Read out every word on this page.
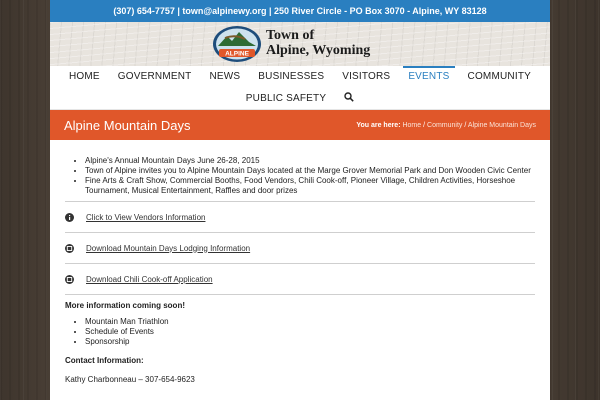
(307) 654-7757 | town@alpinewy.org | 250 River Circle - PO Box 3070 - Alpine, WY 83128
ALPINE
Town of
Alpine, Wyoming
HOME	GOVERNMENT	NEWS	BUSINESSES	VISITORS	EVENTS	COMMUNITY
PUBLIC SAFETY
Alpine Mountain Days	You are here: Home / Community / Alpine Mountain Days
• Alpine's Annual Mountain Days June 26-28, 2015
• Town of Alpine invites you to Alpine Mountain Days located at the Marge Grover Memorial Park and Don Wooden Civic Center
• Fine Arts & Craft Show, Commercial Booths, Food Vendors, Chili Cook-off, Pioneer Village, Children Activities, Horseshoe Tournament, Musical Entertainment, Raffles and door prizes
Click to View Vendors Information
Download Mountain Days Lodging Information
Download Chili Cook-off Application

More information coming soon!

• Mountain Man Triathlon
• Schedule of Events
• Sponsorship

Contact Information:

Kathy Charbonneau – 307-654-9623
